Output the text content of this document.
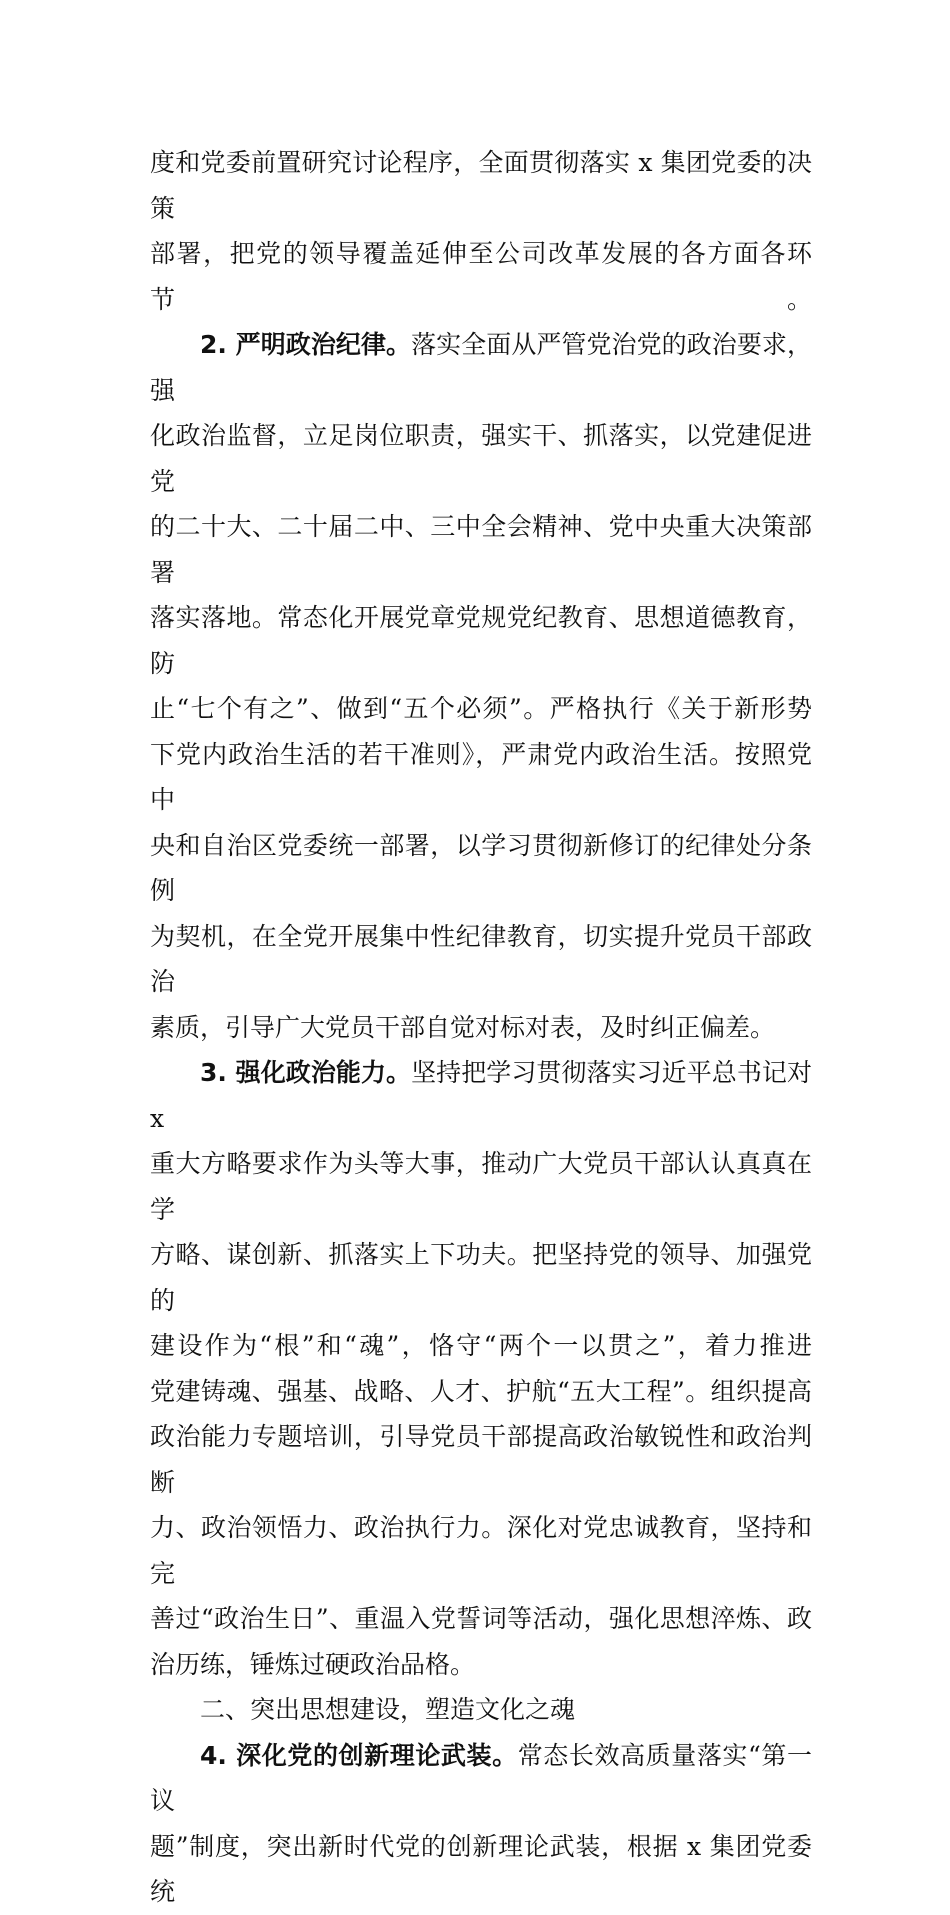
度和党委前置研究讨论程序，全面贯彻落实 x 集团党委的决策
部署，把党的领导覆盖延伸至公司改革发展的各方面各环节。
2. 严明政治纪律。落实全面从严管党治党的政治要求，强
化政治监督，立足岗位职责，强实干、抓落实，以党建促进党
的二十大、二十届二中、三中全会精神、党中央重大决策部署
落实落地。常态化开展党章党规党纪教育、思想道德教育，防
止“七个有之”、做到“五个必须”。严格执行《关于新形势
下党内政治生活的若干准则》，严肃党内政治生活。按照党中
央和自治区党委统一部署，以学习贯彻新修订的纪律处分条例
为契机，在全党开展集中性纪律教育，切实提升党员干部政治
素质，引导广大党员干部自觉对标对表，及时纠正偏差。
3. 强化政治能力。坚持把学习贯彻落实习近平总书记对 x
重大方略要求作为头等大事，推动广大党员干部认认真真在学
方略、谋创新、抓落实上下功夫。把坚持党的领导、加强党的
建设作为“根”和“魂”，恪守“两个一以贯之”，着力推进
党建铸魂、强基、战略、人才、护航“五大工程”。组织提高
政治能力专题培训，引导党员干部提高政治敏锐性和政治判断
力、政治领悟力、政治执行力。深化对党忠诚教育，坚持和完
善过“政治生日”、重温入党誓词等活动，强化思想淬炼、政
治历练，锤炼过硬政治品格。
二、突出思想建设，塑造文化之魂
4. 深化党的创新理论武装。常态长效高质量落实“第一议
题”制度，突出新时代党的创新理论武装，根据 x 集团党委统
